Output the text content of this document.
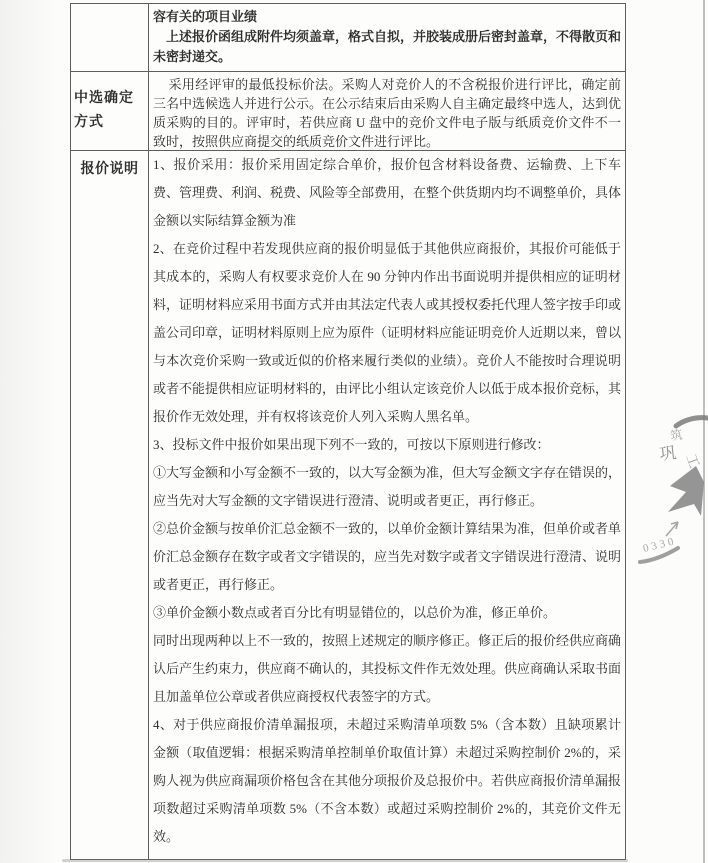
容有关的项目业绩

上述报价函组成附件均须盖章，格式自拟，并胶装成册后密封盖章，不得散页和未密封递交。

中选确定方式

采用经评审的最低投标价法。采购人对竞价人的不含税报价进行评比，确定前三名中选候选人并进行公示。在公示结束后由采购人自主确定最终中选人，达到优质采购的目的。评审时，若供应商 U 盘中的竞价文件电子版与纸质竞价文件不一致时，按照供应商提交的纸质竞价文件进行评比。

报价说明	1、报价采用：报价采用固定综合单价，报价包含材料设备费、运输费、上下车费、管理费、利润、税费、风险等全部费用，在整个供货期内均不调整单价，具体金额以实际结算金额为准

2、在竞价过程中若发现供应商的报价明显低于其他供应商报价，其报价可能低于其成本的，采购人有权要求竞价人在 90 分钟内作出书面说明并提供相应的证明材料，证明材料应采用书面方式并由其法定代表人或其授权委托代理人签字按手印或盖公司印章，证明材料原则上应为原件（证明材料应能证明竞价人近期以来，曾以与本次竞价采购一致或近似的价格来履行类似的业绩）。竞价人不能按时合理说明或者不能提供相应证明材料的，由评比小组认定该竞价人以低于成本报价竞标，其报价作无效处理，并有权将该竞价人列入采购人黑名单。

3、投标文件中报价如果出现下列不一致的，可按以下原则进行修改：

①大写金额和小写金额不一致的，以大写金额为准，但大写金额文字存在错误的，应当先对大写金额的文字错误进行澄清、说明或者更正，再行修正。

②总价金额与按单价汇总金额不一致的，以单价金额计算结果为准，但单价或者单价汇总金额存在数字或者文字错误的，应当先对数字或者文字错误进行澄清、说明或者更正，再行修正。

③单价金额小数点或者百分比有明显错位的，以总价为准，修正单价。

同时出现两种以上不一致的，按照上述规定的顺序修正。修正后的报价经供应商确认后产生约束力，供应商不确认的，其投标文件作无效处理。供应商确认采取书面且加盖单位公章或者供应商授权代表签字的方式。

4、对于供应商报价清单漏报项，未超过采购清单项数 5%（含本数）且缺项累计金额（取值逻辑：根据采购清单控制单价取值计算）未超过采购控制价 2%的，采购人视为供应商漏项价格包含在其他分项报价及总报价中。若供应商报价清单漏报项数超过采购清单项数 5%（不含本数）或超过采购控制价 2%的，其竞价文件无效。

筑
巩 工
0330
